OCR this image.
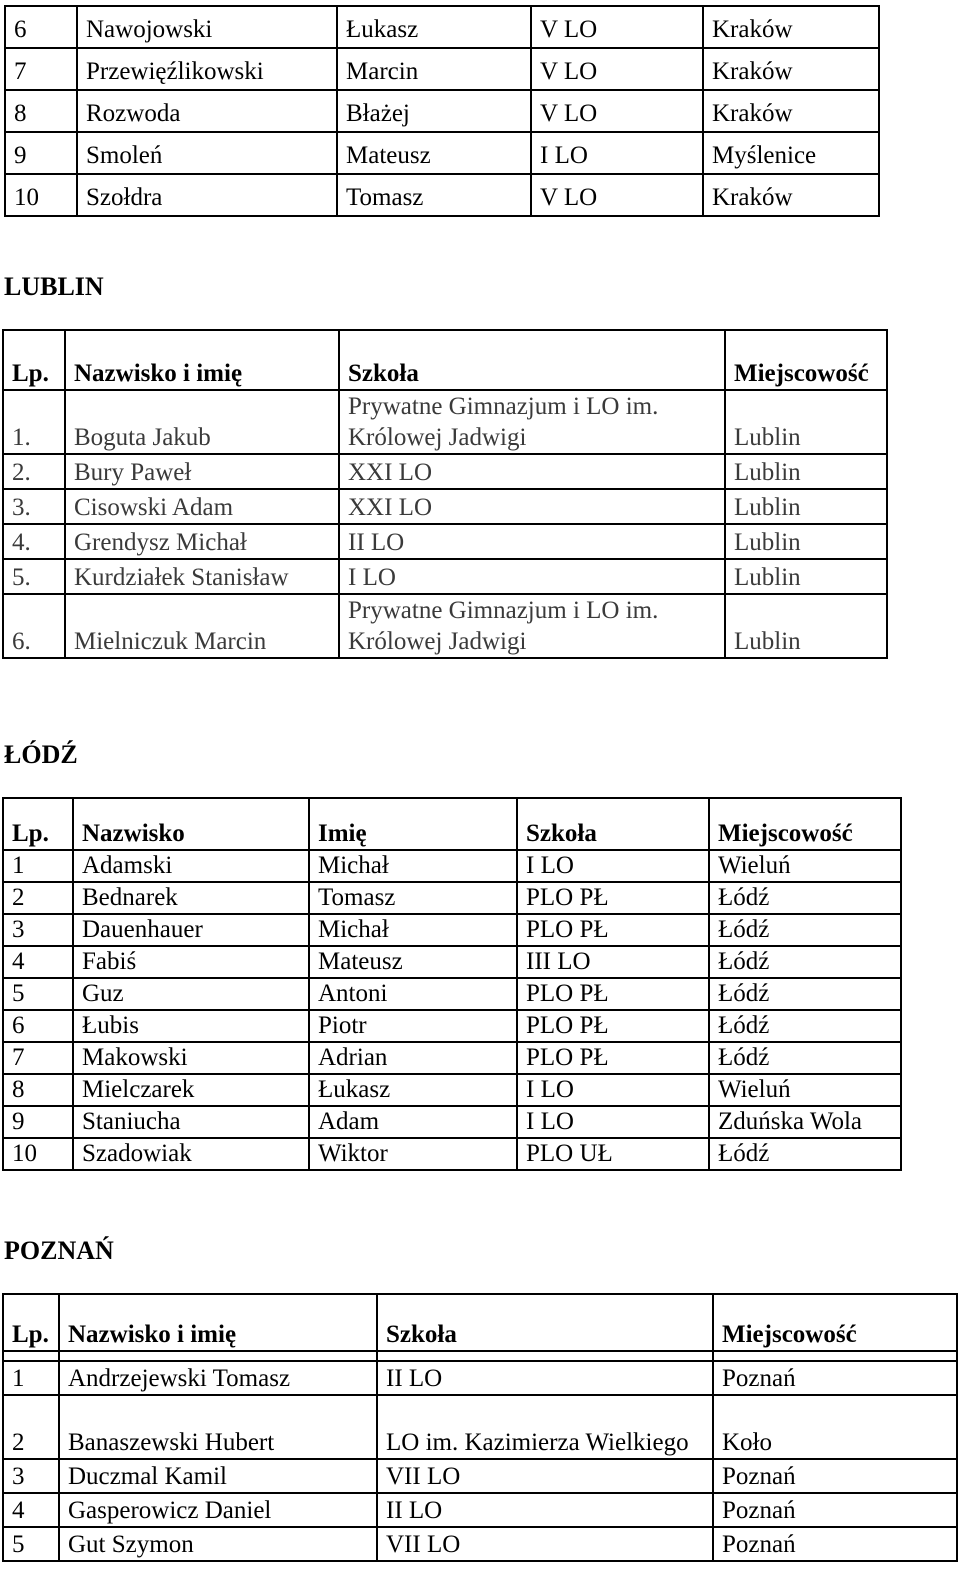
6	Nawojowski	Łukasz	V LO	Kraków
7	Przewięźlikowski	Marcin	V LO	Kraków
8	Rozwoda	Błażej	V LO	Kraków
9	Smoleń	Mateusz	I LO	Myślenice
10	Szołdra	Tomasz	V LO	Kraków
LUBLIN
Lp.	Nazwisko i imię	Szkoła	Miejscowość
1.	Boguta Jakub	Prywatne Gimnazjum i LO im. Królowej Jadwigi	Lublin
2.	Bury Paweł	XXI LO	Lublin
3.	Cisowski Adam	XXI LO	Lublin
4.	Grendysz Michał	II LO	Lublin
5.	Kurdziałek Stanisław	I LO	Lublin
6.	Mielniczuk Marcin	Prywatne Gimnazjum i LO im. Królowej Jadwigi	Lublin
ŁÓDŹ
Lp.	Nazwisko	Imię	Szkoła	Miejscowość
1	Adamski	Michał	I LO	Wieluń
2	Bednarek	Tomasz	PLO PŁ	Łódź
3	Dauenhauer	Michał	PLO PŁ	Łódź
4	Fabiś	Mateusz	III LO	Łódź
5	Guz	Antoni	PLO PŁ	Łódź
6	Łubis	Piotr	PLO PŁ	Łódź
7	Makowski	Adrian	PLO PŁ	Łódź
8	Mielczarek	Łukasz	I LO	Wieluń
9	Staniucha	Adam	I LO	Zduńska Wola
10	Szadowiak	Wiktor	PLO UŁ	Łódź
POZNAŃ
Lp.	Nazwisko i imię	Szkoła	Miejscowość

1	Andrzejewski Tomasz	II LO	Poznań
2	Banaszewski Hubert	LO im. Kazimierza Wielkiego	Koło
3	Duczmal Kamil	VII LO	Poznań
4	Gasperowicz Daniel	II LO	Poznań
5	Gut Szymon	VII LO	Poznań
